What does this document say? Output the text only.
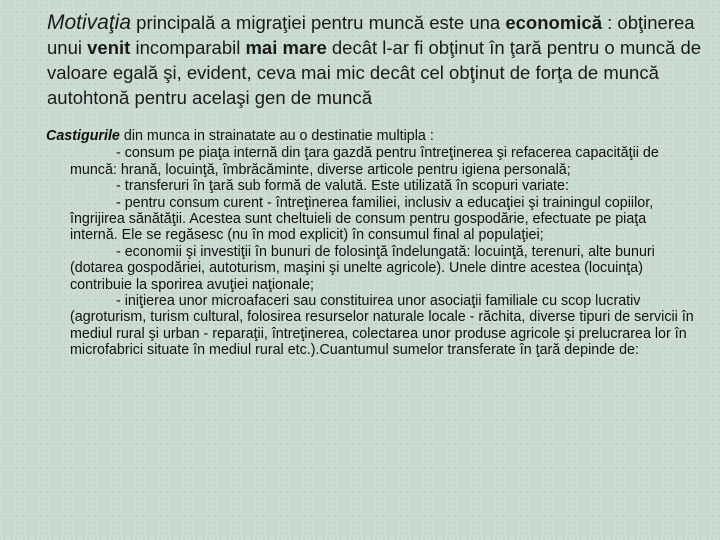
Motivaţia principală a migraţiei pentru muncă este una economică : obţinerea unui venit incomparabil mai mare decât l-ar fi obţinut în ţară pentru o muncă de valoare egală şi, evident, ceva mai mic decât cel obţinut de forţa de muncă autohtonă pentru acelaşi gen de muncă

Castigurile din munca in strainatate au o destinatie multipla :

- consum pe piaţa internă din ţara gazdă pentru întreţinerea şi refacerea capacităţii de muncă: hrană, locuinţă, îmbrăcăminte, diverse articole pentru igiena personală;

- transferuri în ţară sub formă de valută. Este utilizată în scopuri variate:

- pentru consum curent - întreţinerea familiei, inclusiv a educaţiei şi trainingul copiilor, îngrijirea sănătăţii. Acestea sunt cheltuieli de consum pentru gospodărie, efectuate pe piaţa internă. Ele se regăsesc (nu în mod explicit) în consumul final al populaţiei;

- economii şi investiţii în bunuri de folosinţă îndelungată: locuinţă, terenuri, alte bunuri (dotarea gospodăriei, autoturism, maşini şi unelte agricole). Unele dintre acestea (locuinţa) contribuie la sporirea avuţiei naţionale;

- iniţierea unor microafaceri sau constituirea unor asociaţii familiale cu scop lucrativ (agroturism, turism cultural, folosirea resurselor naturale locale - răchita, diverse tipuri de servicii în mediul rural şi urban - reparaţii, întreţinerea, colectarea unor produse agricole şi prelucrarea lor în microfabrici situate în mediul rural etc.).Cuantumul sumelor transferate în ţară depinde de:
